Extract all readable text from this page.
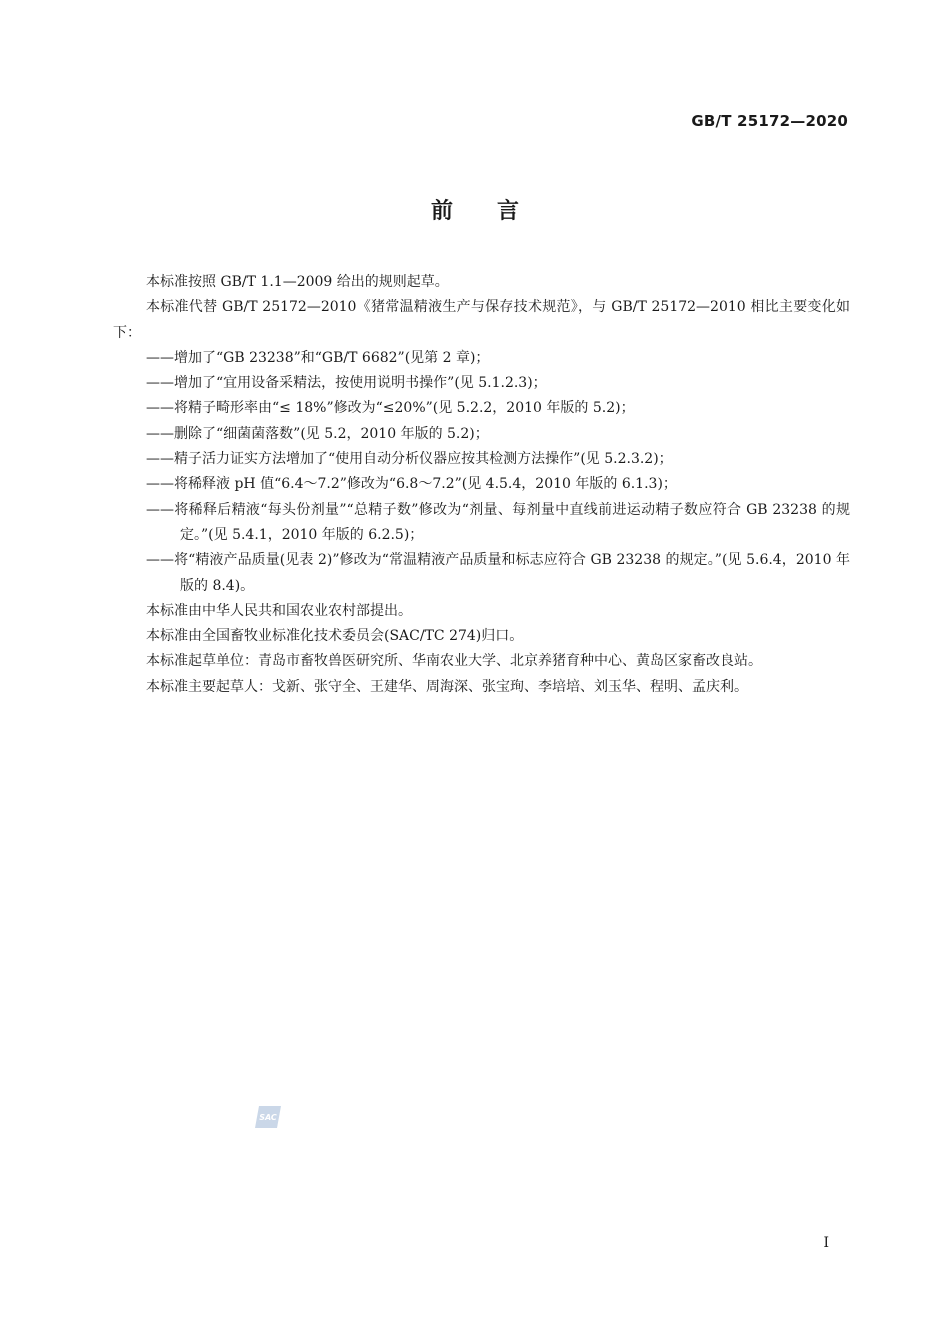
GB/T 25172—2020
前言

本标准按照 GB/T 1.1—2009 给出的规则起草。

本标准代替 GB/T 25172—2010《猪常温精液生产与保存技术规范》，与 GB/T 25172—2010 相比主要变化如下：

——增加了“GB 23238”和“GB/T 6682”(见第 2 章)；

——增加了“宜用设备采精法，按使用说明书操作”(见 5.1.2.3)；

——将精子畸形率由“≤ 18%”修改为“≤20%”(见 5.2.2，2010 年版的 5.2)；

——删除了“细菌菌落数”(见 5.2，2010 年版的 5.2)；

——精子活力证实方法增加了“使用自动分析仪器应按其检测方法操作”(见 5.2.3.2)；

——将稀释液 pH 值“6.4～7.2”修改为“6.8～7.2”(见 4.5.4，2010 年版的 6.1.3)；

——将稀释后精液“每头份剂量”“总精子数”修改为“剂量、每剂量中直线前进运动精子数应符合 GB 23238 的规定。”(见 5.4.1，2010 年版的 6.2.5)；

——将“精液产品质量(见表 2)”修改为“常温精液产品质量和标志应符合 GB 23238 的规定。”(见 5.6.4，2010 年版的 8.4)。

本标准由中华人民共和国农业农村部提出。

本标准由全国畜牧业标准化技术委员会(SAC/TC 274)归口。

本标准起草单位：青岛市畜牧兽医研究所、华南农业大学、北京养猪育种中心、黄岛区家畜改良站。

本标准主要起草人：戈新、张守全、王建华、周海深、张宝珣、李培培、刘玉华、程明、孟庆利。

SAC
I
